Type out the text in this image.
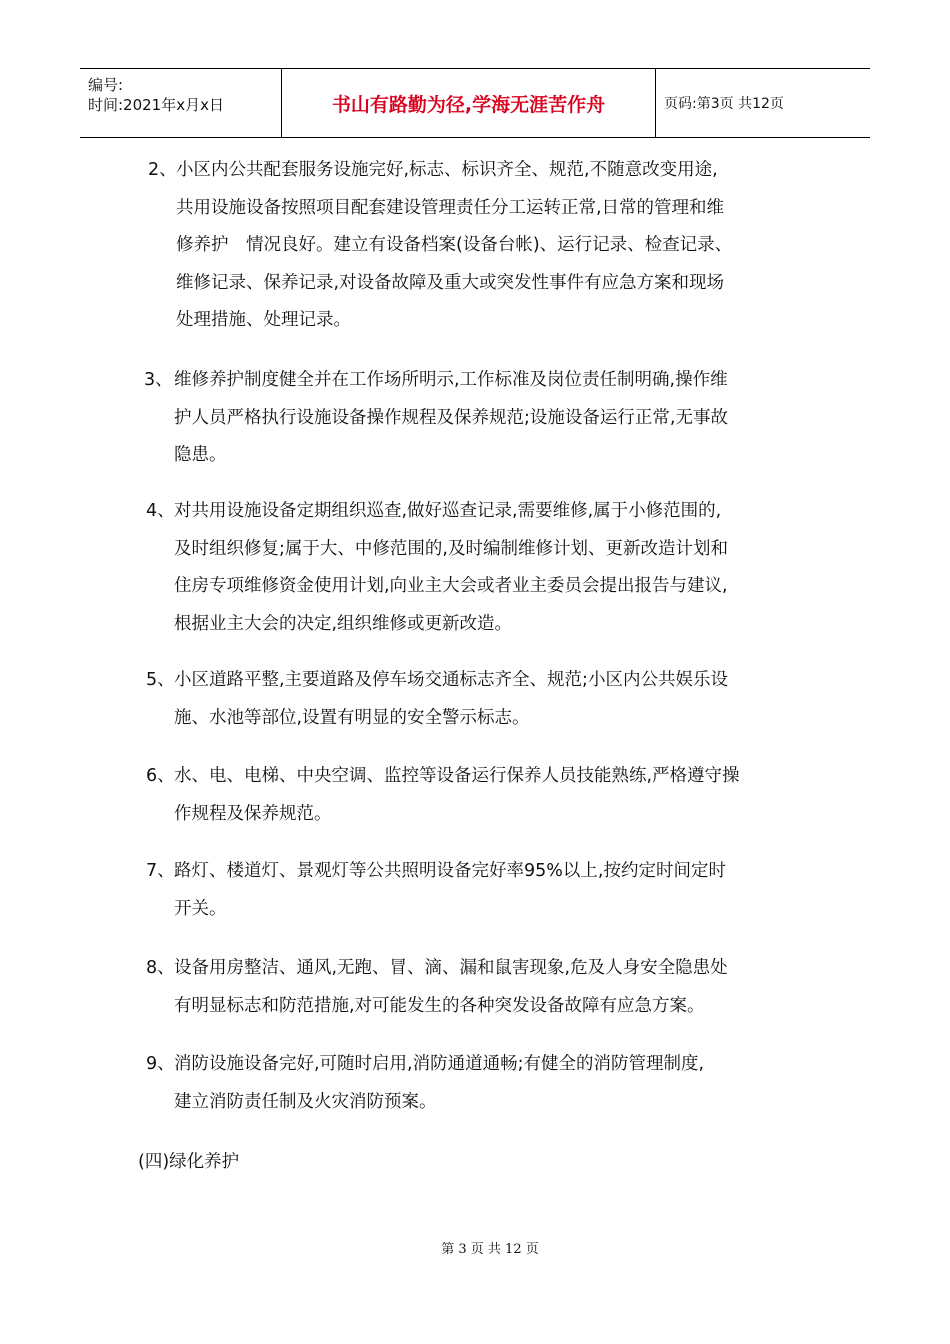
编号:
时间:2021年x月x日	书山有路勤为径,学海无涯苦作舟	页码:第3页 共12页
2、 小区内公共配套服务设施完好,标志、标识齐全、规范,不随意改变用途,
共用设施设备按照项目配套建设管理责任分工运转正常,日常的管理和维
修养护　情况良好。建立有设备档案(设备台帐)、运行记录、检查记录、
维修记录、保养记录,对设备故障及重大或突发性事件有应急方案和现场
处理措施、处理记录。
3、 维修养护制度健全并在工作场所明示,工作标准及岗位责任制明确,操作维
护人员严格执行设施设备操作规程及保养规范;设施设备运行正常,无事故
隐患。
4、 对共用设施设备定期组织巡查,做好巡查记录,需要维修,属于小修范围的,
及时组织修复;属于大、中修范围的,及时编制维修计划、更新改造计划和
住房专项维修资金使用计划,向业主大会或者业主委员会提出报告与建议,
根据业主大会的决定,组织维修或更新改造。
5、 小区道路平整,主要道路及停车场交通标志齐全、规范;小区内公共娱乐设
施、水池等部位,设置有明显的安全警示标志。
6、 水、电、电梯、中央空调、监控等设备运行保养人员技能熟练,严格遵守操
作规程及保养规范。
7、 路灯、楼道灯、景观灯等公共照明设备完好率95%以上,按约定时间定时
开关。
8、 设备用房整洁、通风,无跑、冒、滴、漏和鼠害现象,危及人身安全隐患处
有明显标志和防范措施,对可能发生的各种突发设备故障有应急方案。
9、 消防设施设备完好,可随时启用,消防通道通畅;有健全的消防管理制度,
建立消防责任制及火灾消防预案。
(四)绿化养护
第 3 页 共 12 页
